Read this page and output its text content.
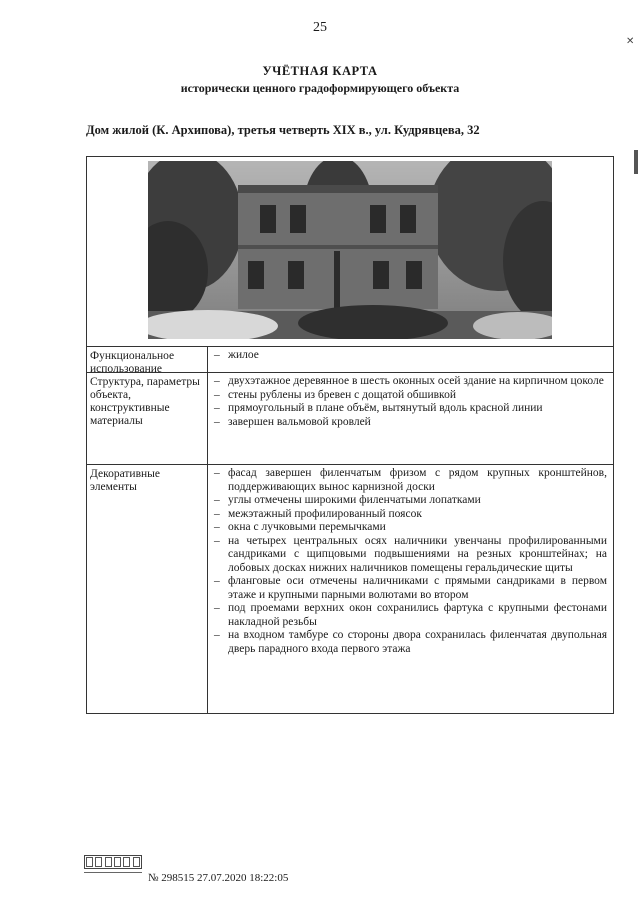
25
✕
УЧЁТНАЯ КАРТА
исторически ценного градоформирующего объекта
Дом жилой (К. Архипова), третья четверть XIX в., ул. Кудрявцева, 32
Функциональное использование
– жилое
Структура, параметры объекта, конструктивные материалы
– двухэтажное деревянное в шесть оконных осей здание на кирпичном цоколе
– стены рублены из бревен с дощатой обшивкой
– прямоугольный в плане объём, вытянутый вдоль красной линии
– завершен вальмовой кровлей
Декоративные элементы
– фасад завершен филенчатым фризом с рядом крупных кронштейнов, поддерживающих вынос карнизной доски
– углы отмечены широкими филенчатыми лопатками
– межэтажный профилированный поясок
– окна с лучковыми перемычками
– на четырех центральных осях наличники увенчаны профилированными сандриками с щипцовыми подвышениями на резных кронштейнах; на лобовых досках нижних наличников помещены геральдические щиты
– фланговые оси отмечены наличниками с прямыми сандриками в первом этаже и крупными парными волютами во втором
– под проемами верхних окон сохранились фартука с крупными фестонами накладной резьбы
– на входном тамбуре со стороны двора сохранилась филенчатая двупольная дверь парадного входа первого этажа
№ 298515 27.07.2020 18:22:05
